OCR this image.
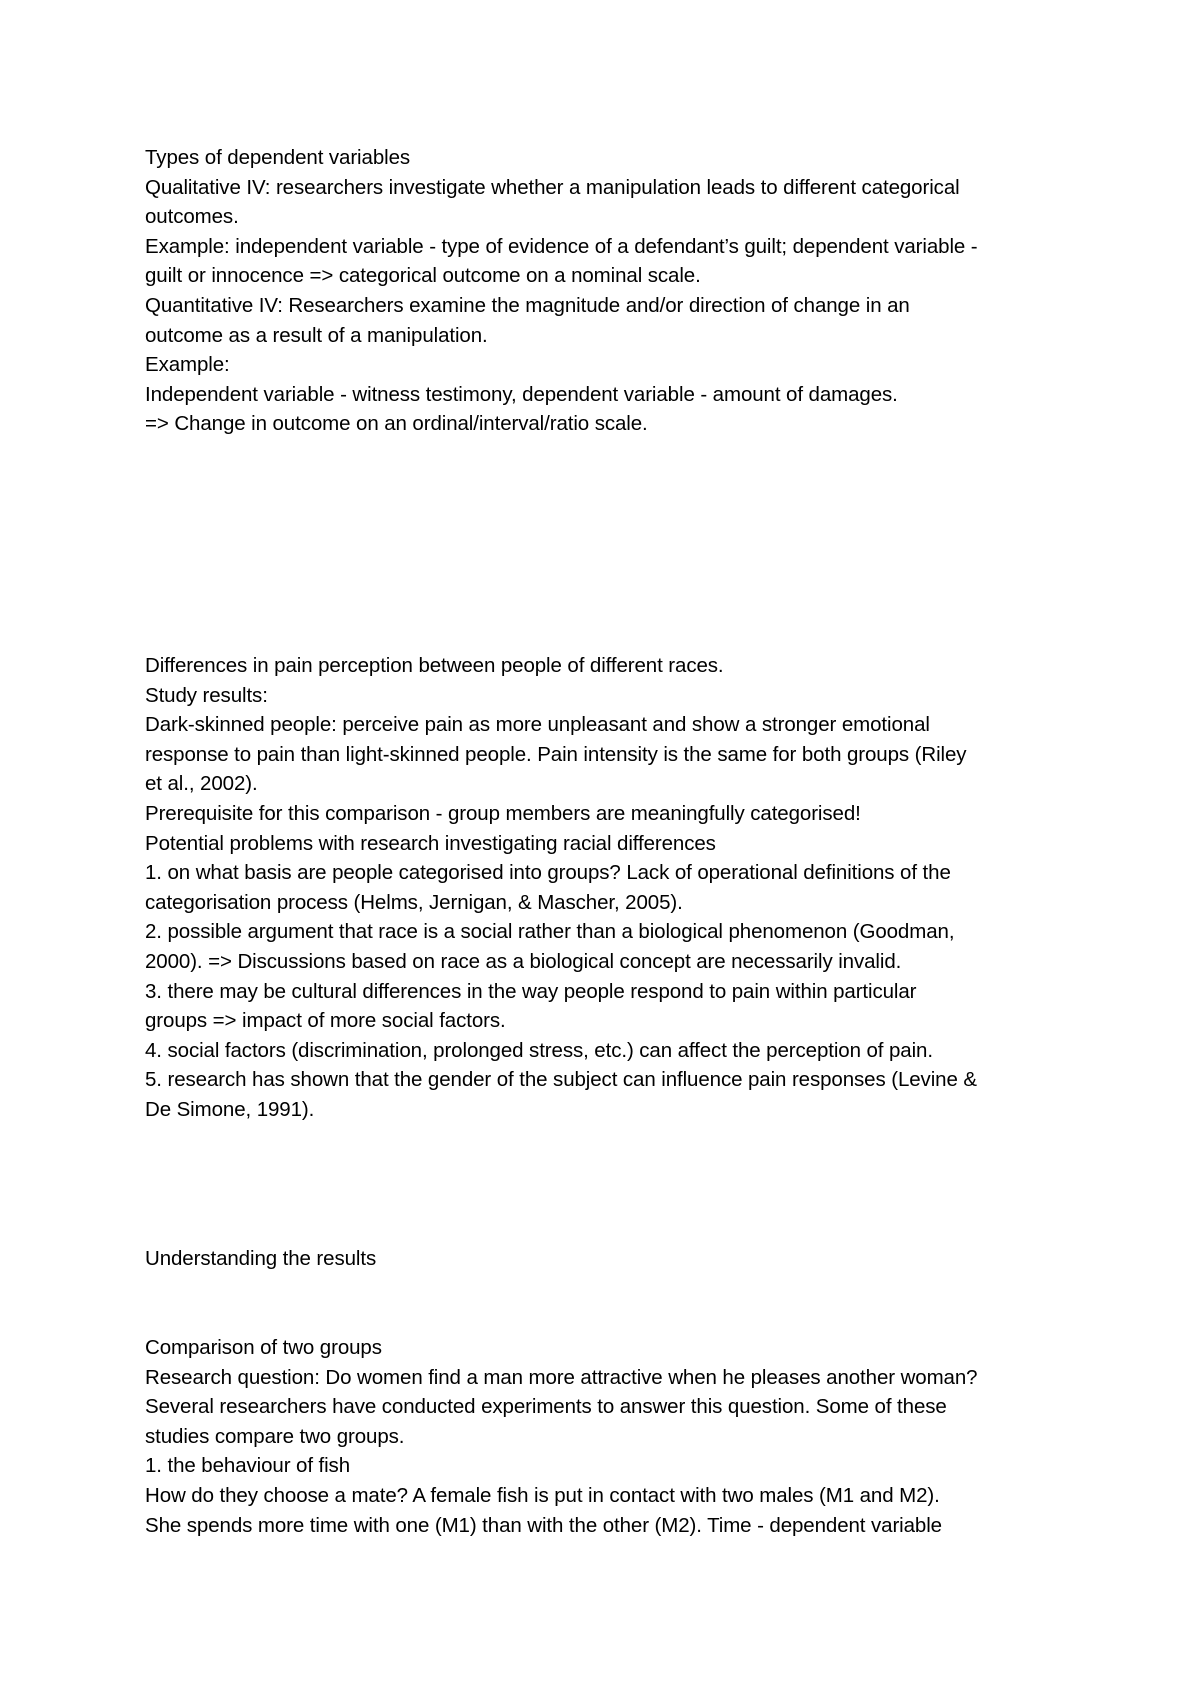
Types of dependent variables
Qualitative IV: researchers investigate whether a manipulation leads to different categorical
outcomes.
Example: independent variable - type of evidence of a defendant’s guilt; dependent variable -
guilt or innocence => categorical outcome on a nominal scale.
Quantitative IV: Researchers examine the magnitude and/or direction of change in an
outcome as a result of a manipulation.
Example:
Independent variable - witness testimony, dependent variable - amount of damages.
=> Change in outcome on an ordinal/interval/ratio scale.
Differences in pain perception between people of different races.
Study results:
Dark-skinned people: perceive pain as more unpleasant and show a stronger emotional
response to pain than light-skinned people. Pain intensity is the same for both groups (Riley
et al., 2002).
Prerequisite for this comparison - group members are meaningfully categorised!
Potential problems with research investigating racial differences
1. on what basis are people categorised into groups? Lack of operational definitions of the
categorisation process (Helms, Jernigan, & Mascher, 2005).
2. possible argument that race is a social rather than a biological phenomenon (Goodman,
2000). => Discussions based on race as a biological concept are necessarily invalid.
3. there may be cultural differences in the way people respond to pain within particular
groups => impact of more social factors.
4. social factors (discrimination, prolonged stress, etc.) can affect the perception of pain.
5. research has shown that the gender of the subject can influence pain responses (Levine &
De Simone, 1991).
Understanding the results
Comparison of two groups
Research question: Do women find a man more attractive when he pleases another woman?
Several researchers have conducted experiments to answer this question. Some of these
studies compare two groups.
1. the behaviour of fish
How do they choose a mate? A female fish is put in contact with two males (M1 and M2).
She spends more time with one (M1) than with the other (M2). Time - dependent variable
